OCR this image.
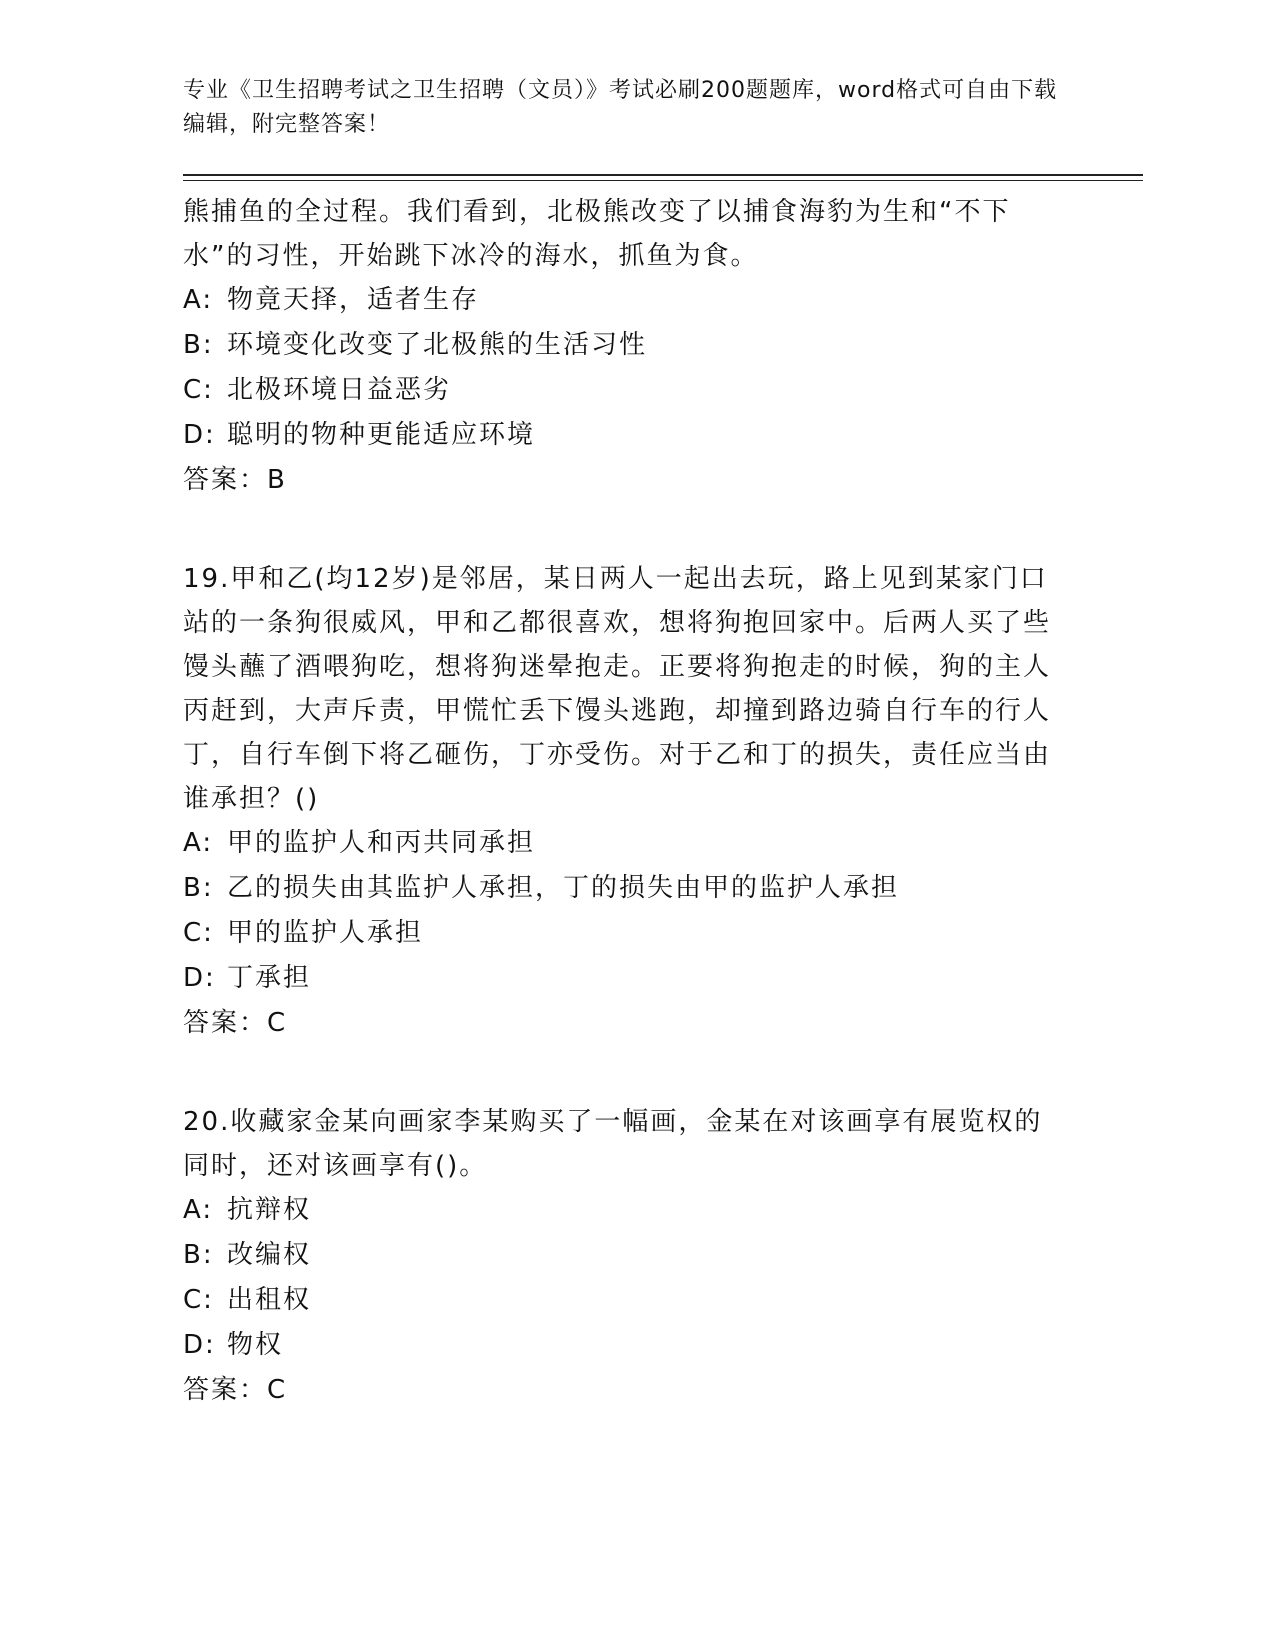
专业《卫生招聘考试之卫生招聘（文员）》考试必刷200题题库，word格式可自由下载编辑，附完整答案！

熊捕鱼的全过程。我们看到，北极熊改变了以捕食海豹为生和“不下水”的习性，开始跳下冰冷的海水，抓鱼为食。

A: 物竟天择，适者生存
B: 环境变化改变了北极熊的生活习性
C: 北极环境日益恶劣
D: 聪明的物种更能适应环境
答案：B

19.甲和乙(均12岁)是邻居，某日两人一起出去玩，路上见到某家门口站的一条狗很威风，甲和乙都很喜欢，想将狗抱回家中。后两人买了些馒头蘸了酒喂狗吃，想将狗迷晕抱走。正要将狗抱走的时候，狗的主人丙赶到，大声斥责，甲慌忙丢下馒头逃跑，却撞到路边骑自行车的行人丁，自行车倒下将乙砸伤，丁亦受伤。对于乙和丁的损失，责任应当由谁承担？()

A: 甲的监护人和丙共同承担
B: 乙的损失由其监护人承担，丁的损失由甲的监护人承担
C: 甲的监护人承担
D: 丁承担
答案：C

20.收藏家金某向画家李某购买了一幅画，金某在对该画享有展览权的同时，还对该画享有()。

A: 抗辩权
B: 改编权
C: 出租权
D: 物权
答案：C
